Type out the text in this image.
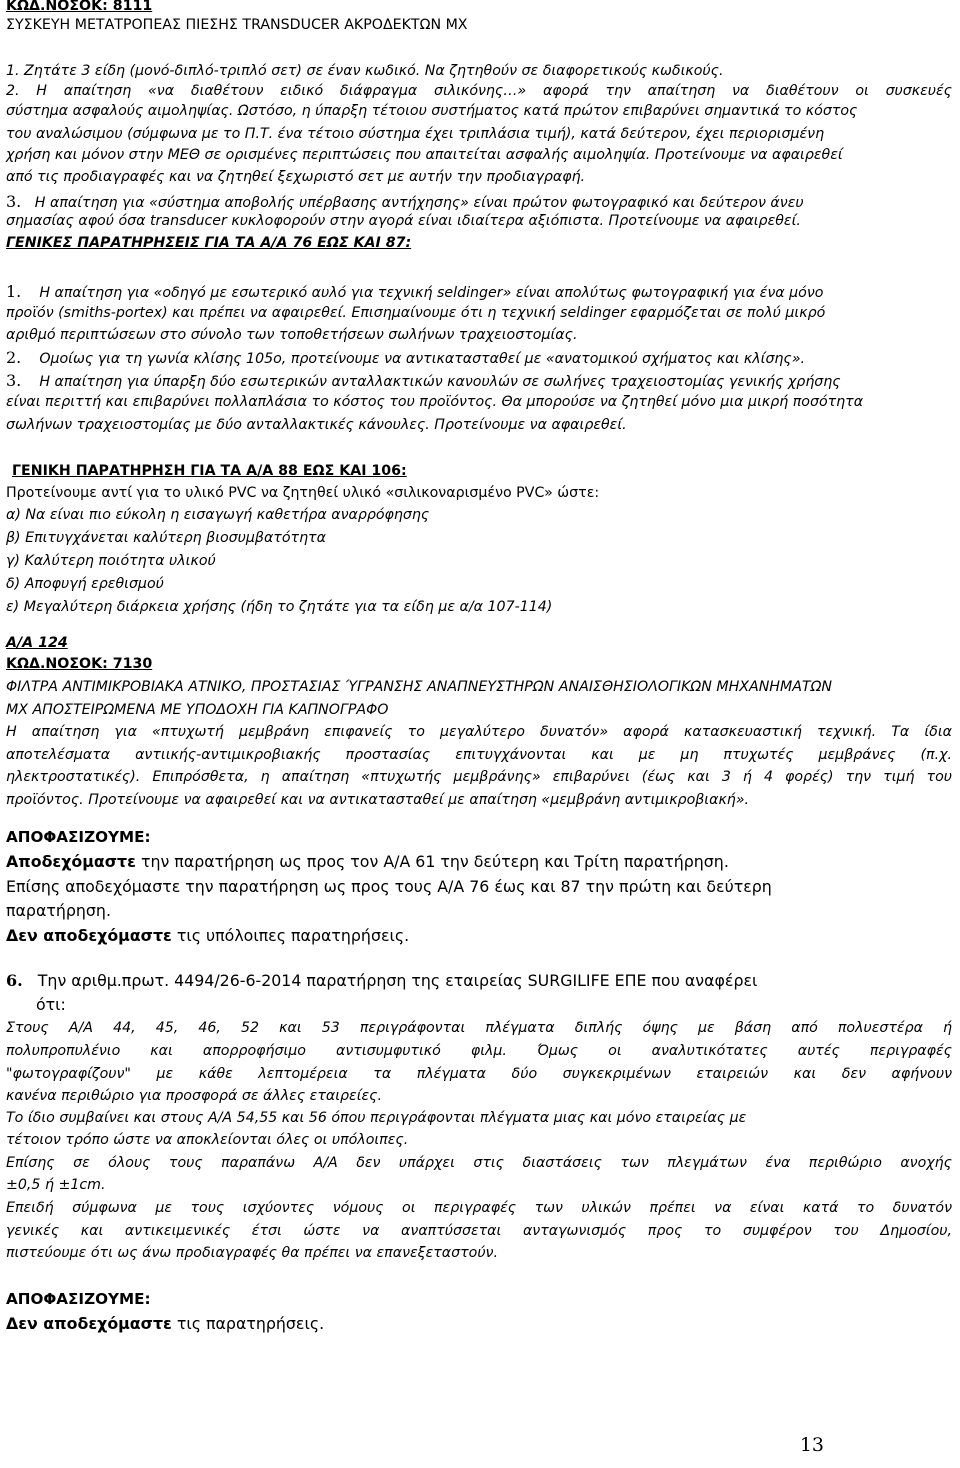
ΚΩΔ.ΝΟΣΟΚ: 8111

ΣΥΣΚΕΥΗ ΜΕΤΑΤΡΟΠΕΑΣ ΠΙΕΣΗΣ TRANSDUCER ΑΚΡΟΔΕΚΤΩΝ ΜΧ

1. Ζητάτε 3 είδη (μονό-διπλό-τριπλό σετ) σε έναν κωδικό. Να ζητηθούν σε διαφορετικούς κωδικούς.

2. Η απαίτηση «να διαθέτουν ειδικό διάφραγμα σιλικόνης…» αφορά την απαίτηση να διαθέτουν οι συσκευές

σύστημα ασφαλούς αιμοληψίας. Ωστόσο, η ύπαρξη τέτοιου συστήματος κατά πρώτον επιβαρύνει σημαντικά το κόστος

του αναλώσιμου (σύμφωνα με το Π.Τ. ένα τέτοιο σύστημα έχει τριπλάσια τιμή), κατά δεύτερον, έχει περιορισμένη

χρήση και μόνον στην ΜΕΘ σε ορισμένες περιπτώσεις που απαιτείται ασφαλής αιμοληψία. Προτείνουμε να αφαιρεθεί

από τις προδιαγραφές και να ζητηθεί ξεχωριστό σετ με αυτήν την προδιαγραφή.

3. Η απαίτηση για «σύστημα αποβολής υπέρβασης αντήχησης» είναι πρώτον φωτογραφικό και δεύτερον άνευ

σημασίας αφού όσα transducer κυκλοφορούν στην αγορά είναι ιδιαίτερα αξιόπιστα. Προτείνουμε να αφαιρεθεί.

ΓΕΝΙΚΕΣ ΠΑΡΑΤΗΡΗΣΕΙΣ ΓΙΑ ΤΑ Α/Α 76 ΕΩΣ ΚΑΙ 87:

1. Η απαίτηση για «οδηγό με εσωτερικό αυλό για τεχνική seldinger» είναι απολύτως φωτογραφική για ένα μόνο

προϊόν (smiths-portex) και πρέπει να αφαιρεθεί. Επισημαίνουμε ότι η τεχνική seldinger εφαρμόζεται σε πολύ μικρό

αριθμό περιπτώσεων στο σύνολο των τοποθετήσεων σωλήνων τραχειοστομίας.

2. Ομοίως για τη γωνία κλίσης 105ο, προτείνουμε να αντικατασταθεί με «ανατομικού σχήματος και κλίσης».

3. Η απαίτηση για ύπαρξη δύο εσωτερικών ανταλλακτικών κανουλών σε σωλήνες τραχειοστομίας γενικής χρήσης

είναι περιττή και επιβαρύνει πολλαπλάσια το κόστος του προϊόντος. Θα μπορούσε να ζητηθεί μόνο μια μικρή ποσότητα

σωλήνων τραχειοστομίας με δύο ανταλλακτικές κάνουλες. Προτείνουμε να αφαιρεθεί.

ΓΕΝΙΚΗ ΠΑΡΑΤΗΡΗΣΗ ΓΙΑ ΤΑ Α/Α 88 ΕΩΣ ΚΑΙ 106:

Προτείνουμε αντί για το υλικό PVC να ζητηθεί υλικό «σιλικοναρισμένο PVC» ώστε:

α) Να είναι πιο εύκολη η εισαγωγή καθετήρα αναρρόφησης

β) Επιτυγχάνεται καλύτερη βιοσυμβατότητα

γ) Καλύτερη ποιότητα υλικού

δ) Αποφυγή ερεθισμού

ε) Μεγαλύτερη διάρκεια χρήσης (ήδη το ζητάτε για τα είδη με α/α 107-114)

Α/Α 124

ΚΩΔ.ΝΟΣΟΚ: 7130

ΦΙΛΤΡΑ ΑΝΤΙΜΙΚΡΟΒΙΑΚΑ ΑΤΝΙΚΟ, ΠΡΟΣΤΑΣΙΑΣ ΎΓΡΑΝΣΗΣ ΑΝΑΠΝΕΥΣΤΗΡΩΝ ΑΝΑΙΣΘΗΣΙΟΛΟΓΙΚΩΝ ΜΗΧΑΝΗΜΑΤΩΝ

ΜΧ ΑΠΟΣΤΕΙΡΩΜΕΝΑ ΜΕ ΥΠΟΔΟΧΗ ΓΙΑ ΚΑΠΝΟΓΡΑΦΟ

Η απαίτηση για «πτυχωτή μεμβράνη επιφανείς το μεγαλύτερο δυνατόν» αφορά κατασκευαστική τεχνική. Τα ίδια

αποτελέσματα αντιικής-αντιμικροβιακής προστασίας επιτυγχάνονται και με μη πτυχωτές μεμβράνες (π.χ.

ηλεκτροστατικές). Επιπρόσθετα, η απαίτηση «πτυχωτής μεμβράνης» επιβαρύνει (έως και 3 ή 4 φορές) την τιμή του

προϊόντος. Προτείνουμε να αφαιρεθεί και να αντικατασταθεί με απαίτηση «μεμβράνη αντιμικροβιακή».

ΑΠΟΦΑΣΙΖΟΥΜΕ:

Αποδεχόμαστε την παρατήρηση ως προς τον Α/Α 61 την δεύτερη και Τρίτη παρατήρηση.

Επίσης αποδεχόμαστε την παρατήρηση ως προς τους Α/Α 76 έως και 87 την πρώτη και δεύτερη

παρατήρηση.

Δεν αποδεχόμαστε τις υπόλοιπες παρατηρήσεις.

6. Την αριθμ.πρωτ. 4494/26-6-2014 παρατήρηση της εταιρείας SURGILIFE ΕΠΕ που αναφέρει

ότι:

Στους Α/Α 44, 45, 46, 52 και 53 περιγράφονται πλέγματα διπλής όψης με βάση από πολυεστέρα ή

πολυπροπυλένιο και απορροφήσιμο αντισυμφυτικό φιλμ. Όμως οι αναλυτικότατες αυτές περιγραφές

"φωτογραφίζουν" με κάθε λεπτομέρεια τα πλέγματα δύο συγκεκριμένων εταιρειών και δεν αφήνουν

κανένα περιθώριο για προσφορά σε άλλες εταιρείες.

Το ίδιο συμβαίνει και στους Α/Α 54,55 και 56 όπου περιγράφονται πλέγματα μιας και μόνο εταιρείας με

τέτοιον τρόπο ώστε να αποκλείονται όλες οι υπόλοιπες.

Επίσης σε όλους τους παραπάνω Α/Α δεν υπάρχει στις διαστάσεις των πλεγμάτων ένα περιθώριο ανοχής

±0,5 ή ±1cm.

Επειδή σύμφωνα με τους ισχύοντες νόμους οι περιγραφές των υλικών πρέπει να είναι κατά το δυνατόν

γενικές και αντικειμενικές έτσι ώστε να αναπτύσσεται ανταγωνισμός προς το συμφέρον του Δημοσίου,

πιστεύουμε ότι ως άνω προδιαγραφές θα πρέπει να επανεξεταστούν.

ΑΠΟΦΑΣΙΖΟΥΜΕ:

Δεν αποδεχόμαστε τις παρατηρήσεις.

13
